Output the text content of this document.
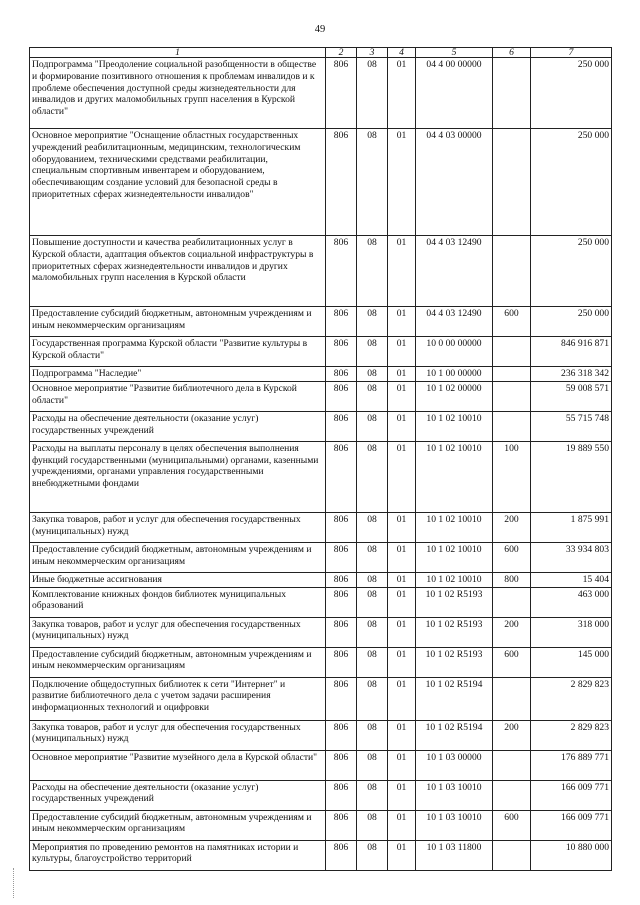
49
1	2	3	4	5	6	7
Подпрограмма "Преодоление социальной разобщенности в обществе и формирование позитивного отношения к проблемам инвалидов и к проблеме обеспечения доступной среды жизнедеятельности для инвалидов и других маломобильных групп населения в Курской области"	806	08	01	04 4 00 00000		250 000
Основное мероприятие "Оснащение областных государственных учреждений реабилитационным, медицинским, технологическим оборудованием, техническими средствами реабилитации, специальным спортивным инвентарем и оборудованием, обеспечивающим создание условий для безопасной среды в приоритетных сферах жизнедеятельности инвалидов"	806	08	01	04 4 03 00000		250 000
Повышение доступности и качества реабилитационных услуг в Курской области, адаптация объектов социальной инфраструктуры в приоритетных сферах жизнедеятельности инвалидов и других маломобильных групп населения в Курской области	806	08	01	04 4 03 12490		250 000
Предоставление субсидий бюджетным, автономным учреждениям и иным некоммерческим организациям	806	08	01	04 4 03 12490	600	250 000
Государственная программа Курской области "Развитие культуры в Курской области"	806	08	01	10 0 00 00000		846 916 871
Подпрограмма "Наследие"	806	08	01	10 1 00 00000		236 318 342
Основное мероприятие "Развитие библиотечного дела в Курской области"	806	08	01	10 1 02 00000		59 008 571
Расходы на обеспечение деятельности (оказание услуг) государственных учреждений	806	08	01	10 1 02 10010		55 715 748
Расходы на выплаты персоналу в целях обеспечения выполнения функций государственными (муниципальными) органами, казенными учреждениями, органами управления государственными внебюджетными фондами	806	08	01	10 1 02 10010	100	19 889 550
Закупка товаров, работ и услуг для обеспечения государственных (муниципальных) нужд	806	08	01	10 1 02 10010	200	1 875 991
Предоставление субсидий бюджетным, автономным учреждениям и иным некоммерческим организациям	806	08	01	10 1 02 10010	600	33 934 803
Иные бюджетные ассигнования	806	08	01	10 1 02 10010	800	15 404
Комплектование книжных фондов библиотек муниципальных образований	806	08	01	10 1 02 R5193		463 000
Закупка товаров, работ и услуг для обеспечения государственных (муниципальных) нужд	806	08	01	10 1 02 R5193	200	318 000
Предоставление субсидий бюджетным, автономным учреждениям и иным некоммерческим организациям	806	08	01	10 1 02 R5193	600	145 000
Подключение общедоступных библиотек к сети "Интернет" и развитие библиотечного дела с учетом задачи расширения информационных технологий и оцифровки	806	08	01	10 1 02 R5194		2 829 823
Закупка товаров, работ и услуг для обеспечения государственных (муниципальных) нужд	806	08	01	10 1 02 R5194	200	2 829 823
Основное мероприятие "Развитие музейного дела в Курской области"	806	08	01	10 1 03 00000		176 889 771
Расходы на обеспечение деятельности (оказание услуг) государственных учреждений	806	08	01	10 1 03 10010		166 009 771
Предоставление субсидий бюджетным, автономным учреждениям и иным некоммерческим организациям	806	08	01	10 1 03 10010	600	166 009 771
Мероприятия по проведению ремонтов на памятниках истории и культуры, благоустройство территорий	806	08	01	10 1 03 11800		10 880 000
